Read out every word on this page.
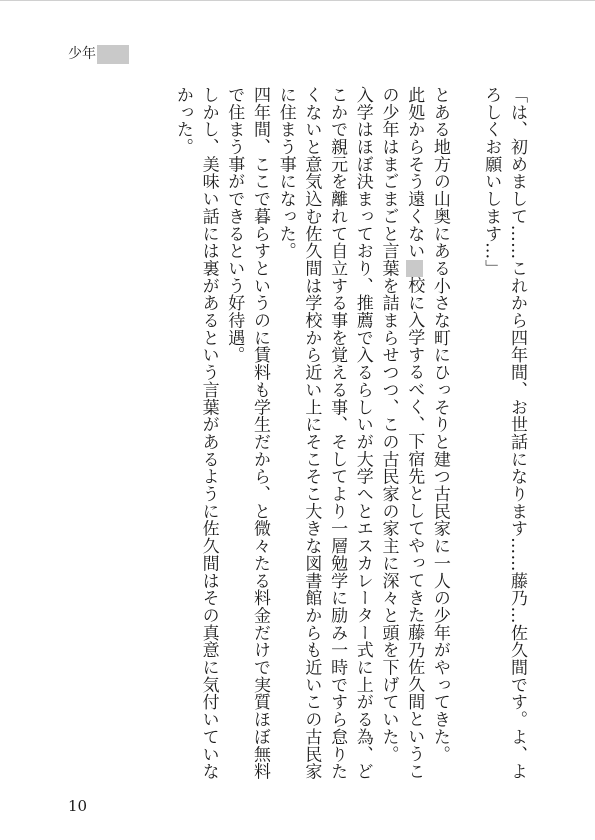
少年

「は、初めまして……これから四年間、お世話になります……藤乃…佐久間です。よ、よろしくお願いします…」

とある地方の山奥にある小さな町にひっそりと建つ古民家に一人の少年がやってきた。

此処からそう遠くない校に入学するべく、下宿先としてやってきた藤乃佐久間というこの少年はまごまごと言葉を詰まらせつつ、この古民家の家主に深々と頭を下げていた。

入学はほぼ決まっており、推薦で入るらしいが大学へとエスカレーター式に上がる為、どこかで親元を離れて自立する事を覚える事、そしてより一層勉学に励み一時ですら怠りたくないと意気込む佐久間は学校から近い上にそこそこ大きな図書館からも近いこの古民家に住まう事になった。

四年間、ここで暮らすというのに賃料も学生だから、と微々たる料金だけで実質ほぼ無料で住まう事ができるという好待遇。

しかし、美味い話には裏があるという言葉があるように佐久間はその真意に気付いていなかった。

10
